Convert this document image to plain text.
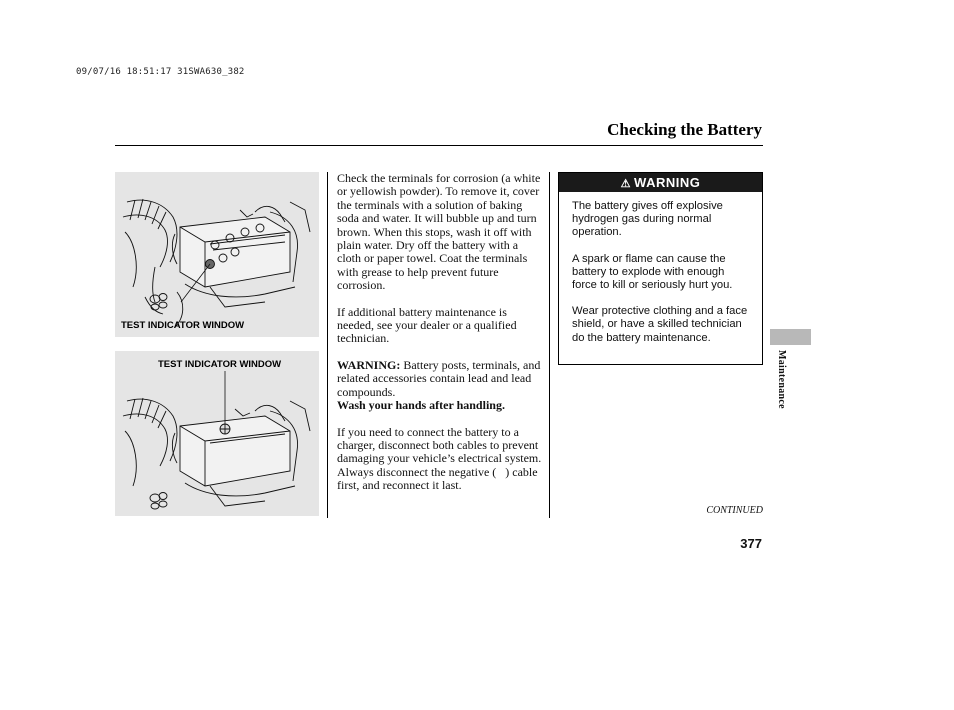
09/07/16 18:51:17 31SWA630_382
Checking the Battery
TEST INDICATOR WINDOW
TEST INDICATOR WINDOW

Check the terminals for corrosion (a white or yellowish powder). To remove it, cover the terminals with a solution of baking soda and water. It will bubble up and turn brown. When this stops, wash it off with plain water. Dry off the battery with a cloth or paper towel. Coat the terminals with grease to help prevent future corrosion.

If additional battery maintenance is needed, see your dealer or a qualified technician.

WARNING: Battery posts, terminals, and related accessories contain lead and lead compounds.
Wash your hands after handling.

If you need to connect the battery to a charger, disconnect both cables to prevent damaging your vehicle’s electrical system. Always disconnect the negative (   ) cable first, and reconnect it last.

⚠ WARNING

The battery gives off explosive hydrogen gas during normal operation.

A spark or flame can cause the battery to explode with enough force to kill or seriously hurt you.

Wear protective clothing and a face shield, or have a skilled technician do the battery maintenance.

CONTINUED
377
Maintenance
